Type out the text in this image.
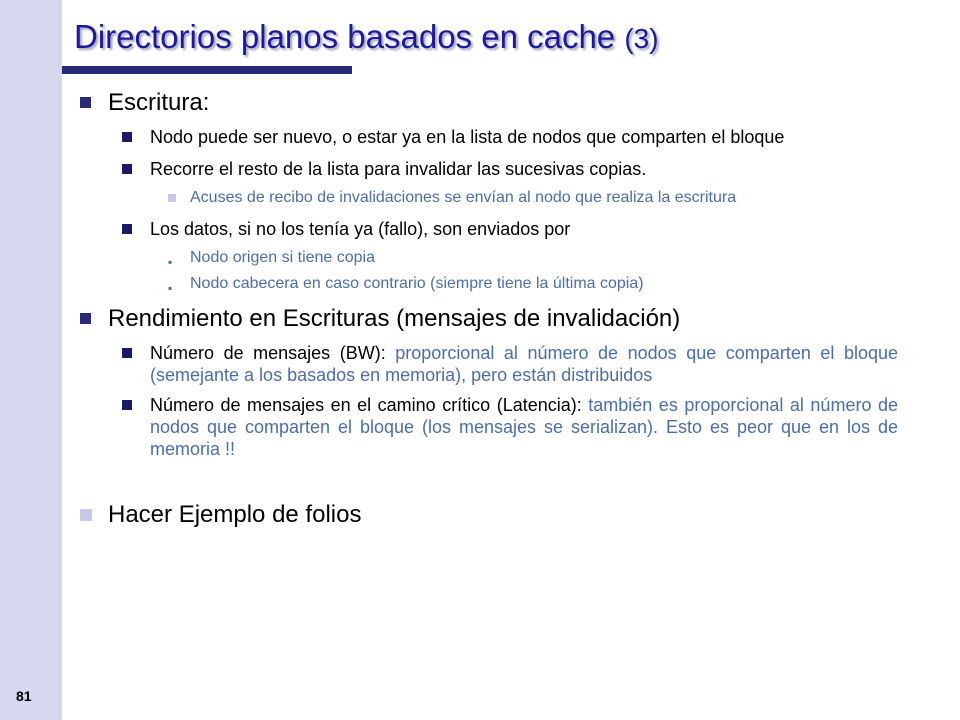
Directorios planos basados en cache (3)
81
Escritura:
Nodo puede ser nuevo, o estar ya en la lista de nodos que comparten el bloque
Recorre el resto de la lista para invalidar las sucesivas copias.
Acuses de recibo de invalidaciones se envían al nodo que realiza la escritura
Los datos, si no los tenía ya (fallo), son enviados por
▪ Nodo origen si tiene copia
▪ Nodo cabecera en caso contrario (siempre tiene la última copia)
Rendimiento en Escrituras (mensajes de invalidación)
Número de mensajes (BW): proporcional al número de nodos que comparten el bloque (semejante a los basados en memoria), pero están distribuidos
Número de mensajes en el camino crítico (Latencia): también es proporcional al número de nodos que comparten el bloque (los mensajes se serializan). Esto es peor que en los de memoria !!
Hacer Ejemplo de folios
